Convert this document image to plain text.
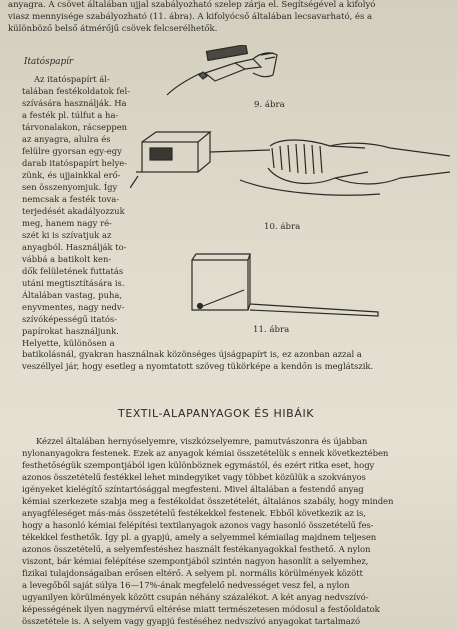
anyagra. A csövet általában ujjal szabályozható szelep zárja el. Segítségével a kifolyó
viasz mennyisége szabályozható (11. ábra). A kifolyócső általában lecsavarható, és a
különböző belső átmérőjű csövek felcserélhetők.
Itatóspapír
Az itatóspapírt ál-
talában festékoldatok fel-
szívására használják. Ha
a festék pl. túlfut a ha-
tárvonalakon, rácseppen
az anyagra, alulra és
felülre gyorsan egy-egy
darab itatóspapírt helye-
zünk, és ujjainkkal erő-
sen összenyomjuk. Így
nemcsak a festék tova-
terjedését akadályozzuk
meg, hanem nagy ré-
szét ki is szívatjuk az
anyagból. Használják to-
vábbá a batikolt ken-
dők felületének futtatás
utáni megtisztítására is.
Általában vastag, puha,
enyvmentes, nagy nedv-
szívóképességű itatós-
papírokat használjunk.
Helyette, különösen a
batikolásnál, gyakran használnak közönséges újságpapírt is, ez azonban azzal a
veszéllyel jár, hogy esetleg a nyomtatott szöveg tükörképe a kendőn is meglátszik.
9. ábra
10. ábra
11. ábra
TEXTIL-ALAPANYAGOK ÉS HIBÁIK
Kézzel általában hernyóselyemre, viszkózselyemre, pamutvászonra és újabban
nylonanyagokra festenek. Ezek az anyagok kémiai összetételük s ennek következtében
festhetőségük szempontjából igen különböznek egymástól, és ezért ritka eset, hogy
azonos összetételű festékkel lehet mindegyiket vagy többet közülük a szokványos
igényeket kielégítő színtartósággal megfesteni. Mivel általában a festendő anyag
kémiai szerkezete szabja meg a festékoldat összetételét, általános szabály, hogy minden
anyagféleséget más-más összetételű festékekkel festenek. Ebből következik az is,
hogy a hasonló kémiai felépítési textilanyagok azonos vagy hasonló összetételű fes-
tékekkel festhetők. Így pl. a gyapjú, amely a selyemmel kémiailag majdnem teljesen
azonos összetételű, a selyemfestéshez használt festékanyagokkal festhető. A nylon
viszont, bár kémiai felépítése szempontjából szintén nagyon hasonlít a selyemhez,
fizikai tulajdonságaiban erősen eltérő. A selyem pl. normális körülmények között
a levegőből saját súlya 16—17%-ának megfelelő nedvességet vesz fel, a nylon
ugyanilyen körülmények között csupán néhány százalékot. A két anyag nedvszívó-
képességének ilyen nagymérvű eltérése miatt természetesen módosul a festőoldatok
összetétele is. A selyem vagy gyapjú festéséhez nedvszívó anyagokat tartalmazó
